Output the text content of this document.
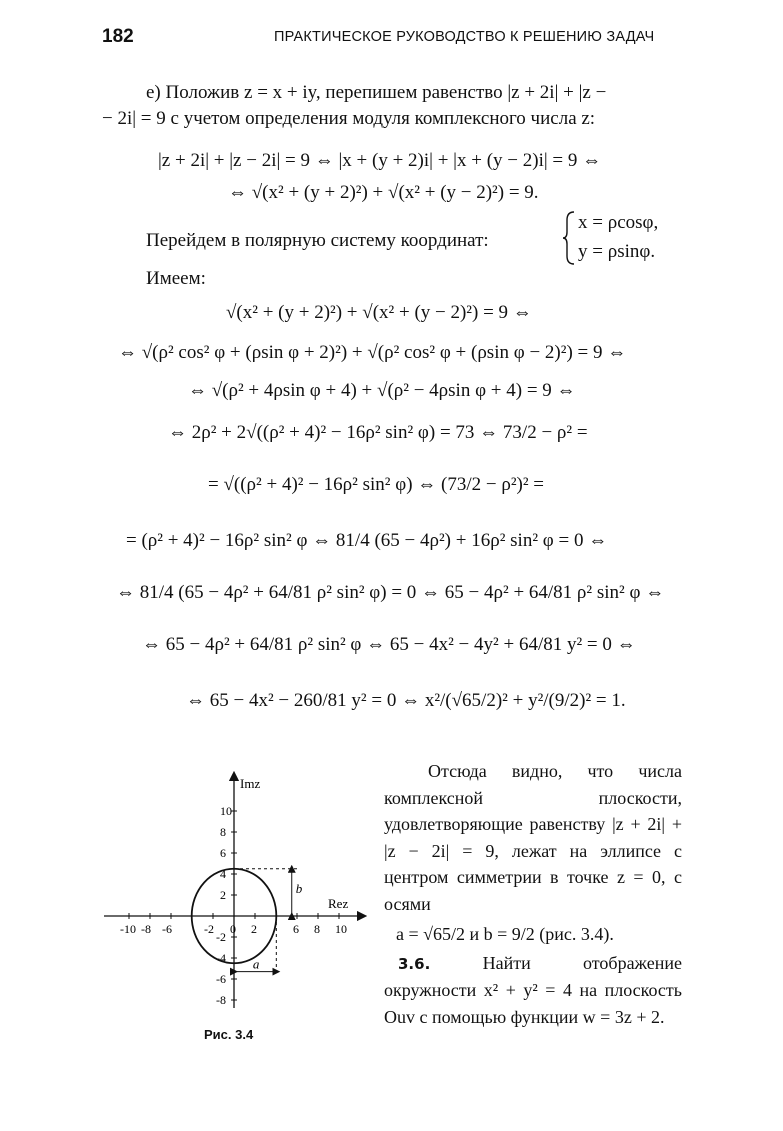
182	ПРАКТИЧЕСКОЕ РУКОВОДСТВО К РЕШЕНИЮ ЗАДАЧ
е) Положив z = x + iy, перепишем равенство |z + 2i| + |z −
− 2i| = 9 с учетом определения модуля комплексного числа z:
|z + 2i| + |z − 2i| = 9 ⇔ |x + (y + 2)i| + |x + (y − 2)i| = 9 ⇔
⇔ √(x² + (y + 2)²) + √(x² + (y − 2)²) = 9.
Перейдем в полярную систему координат:
x = ρcosφ,
y = ρsinφ.
Имеем:
√(x² + (y + 2)²) + √(x² + (y − 2)²) = 9 ⇔
⇔ √(ρ² cos² φ + (ρsin φ + 2)²) + √(ρ² cos² φ + (ρsin φ − 2)²) = 9 ⇔
⇔ √(ρ² + 4ρsin φ + 4) + √(ρ² − 4ρsin φ + 4) = 9 ⇔
⇔ 2ρ² + 2√((ρ² + 4)² − 16ρ² sin² φ) = 73 ⇔ 73/2 − ρ² =
= √((ρ² + 4)² − 16ρ² sin² φ) ⇔ (73/2 − ρ²)² =
= (ρ² + 4)² − 16ρ² sin² φ ⇔ 81/4 (65 − 4ρ²) + 16ρ² sin² φ = 0 ⇔
⇔ 81/4 (65 − 4ρ² + 64/81 ρ² sin² φ) = 0 ⇔ 65 − 4ρ² + 64/81 ρ² sin² φ ⇔
⇔ 65 − 4ρ² + 64/81 ρ² sin² φ ⇔ 65 − 4x² − 4y² + 64/81 y² = 0 ⇔
⇔ 65 − 4x² − 260/81 y² = 0 ⇔ x²/(√65/2)² + y²/(9/2)² = 1.
Imz
Rez
-10 -8 -6	-2 0 2	6 8 10
10
8
6
4
2
-2
-4
-6
-8
b
a
Рис. 3.4

Отсюда видно, что числа комплексной плоскости, удовлетворяющие равенству |z + 2i| + |z − 2i| = 9, лежат на эллипсе с центром симметрии в точке z = 0, с осями

a = √65/2 и b = 9/2 (рис. 3.4).

3.6.	Найти отображение окружности x² + y² = 4 на плоскость Ouv с помощью функции w = 3z + 2.
